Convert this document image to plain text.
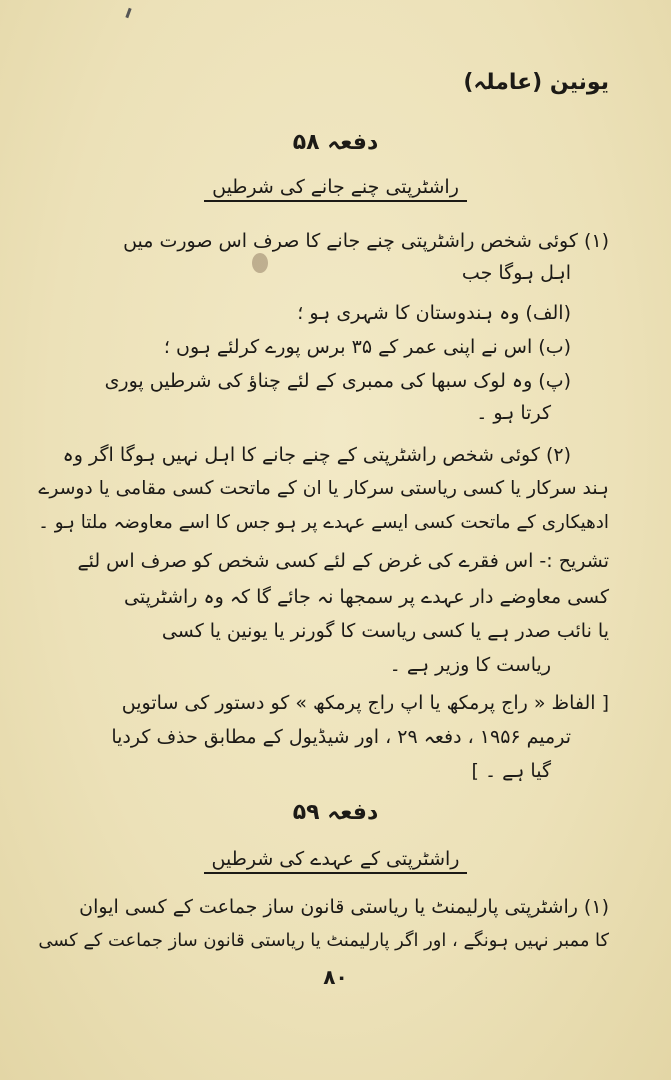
یونین (عاملہ)
دفعہ ۵۸
راشٹرپتی چنے جانے کی شرطیں
(۱) کوئی شخص راشٹرپتی چنے جانے کا صرف اس صورت میں
اہل ہوگا جب
(الف) وہ ہندوستان کا شہری ہو ؛
(ب) اس نے اپنی عمر کے ۳۵ برس پورے کرلئے ہوں ؛
(پ) وہ لوک سبھا کی ممبری کے لئے چناؤ کی شرطیں پوری
کرتا ہو ۔
(۲) کوئی شخص راشٹرپتی کے چنے جانے کا اہل نہیں ہوگا اگر وہ
ہند سرکار یا کسی ریاستی سرکار یا ان کے ماتحت کسی مقامی یا دوسرے
ادھیکاری کے ماتحت کسی ایسے عہدے پر ہو جس کا اسے معاوضہ ملتا ہو ۔
تشریح :- اس فقرے کی غرض کے لئے کسی شخص کو صرف اس لئے
کسی معاوضے دار عہدے پر سمجھا نہ جائے گا کہ وہ راشٹرپتی
یا نائب صدر ہے یا کسی ریاست کا گورنر یا یونین یا کسی
ریاست کا وزیر ہے ۔
[ الفاظ « راج پرمکھ یا اپ راج پرمکھ » کو دستور کی ساتویں
ترمیم ۱۹۵۶ ، دفعہ ۲۹ ، اور شیڈیول کے مطابق حذف کردیا
گیا ہے ۔ ]
دفعہ ۵۹
راشٹرپتی کے عہدے کی شرطیں
(۱) راشٹرپتی پارلیمنٹ یا ریاستی قانون ساز جماعت کے کسی ایوان
کا ممبر نہیں ہونگے ، اور اگر پارلیمنٹ یا ریاستی قانون ساز جماعت کے کسی
۸۰
